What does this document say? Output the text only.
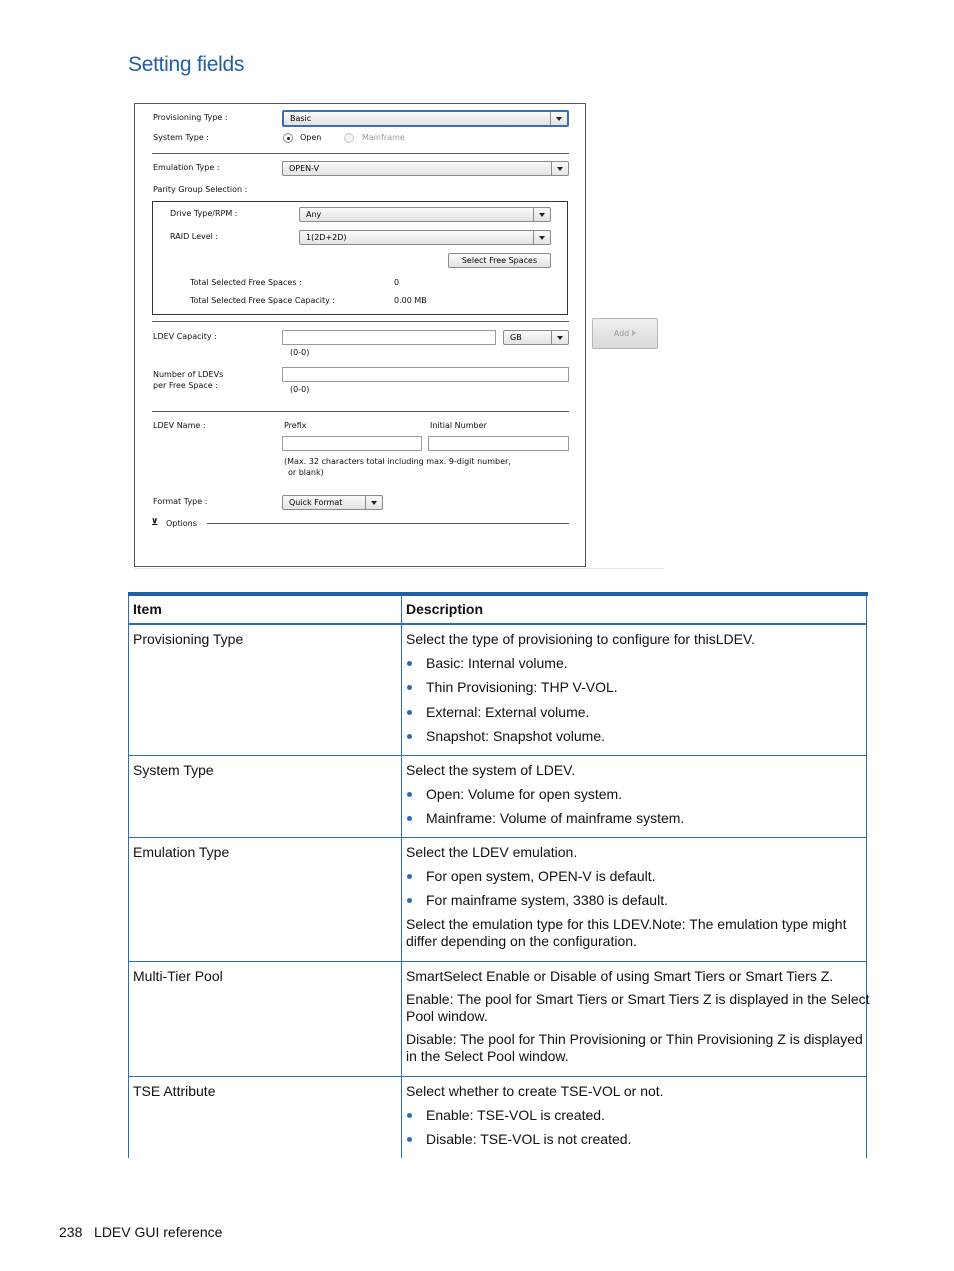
Setting fields
Provisioning Type :	Basic
System Type :	Open	Mainframe
Emulation Type :	OPEN-V
Parity Group Selection :
Drive Type/RPM :	Any
RAID Level :	1(2D+2D)
Select Free Spaces
Total Selected Free Spaces :	0
Total Selected Free Space Capacity :	0.00 MB
LDEV Capacity :	GB
(0-0)
Number of LDEVs
per Free Space :	(0-0)
LDEV Name :	Prefix	Initial Number
(Max. 32 characters total including max. 9-digit number,
or blank)
Format Type :	Quick Format
⊻ Options
Add
Item	Description
Provisioning Type	Select the type of provisioning to configure for thisLDEV.
Basic: Internal volume.
Thin Provisioning: THP V-VOL.
External: External volume.
Snapshot: Snapshot volume.
System Type	Select the system of LDEV.
Open: Volume for open system.
Mainframe: Volume of mainframe system.
Emulation Type	Select the LDEV emulation.
For open system, OPEN-V is default.
For mainframe system, 3380 is default.
Select the emulation type for this LDEV.Note: The emulation type might
differ depending on the configuration.
Multi-Tier Pool	SmartSelect Enable or Disable of using Smart Tiers or Smart Tiers Z.
Enable: The pool for Smart Tiers or Smart Tiers Z is displayed in the Select
Pool window.
Disable: The pool for Thin Provisioning or Thin Provisioning Z is displayed
in the Select Pool window.
TSE Attribute	Select whether to create TSE-VOL or not.
Enable: TSE-VOL is created.
Disable: TSE-VOL is not created.
238 LDEV GUI reference
